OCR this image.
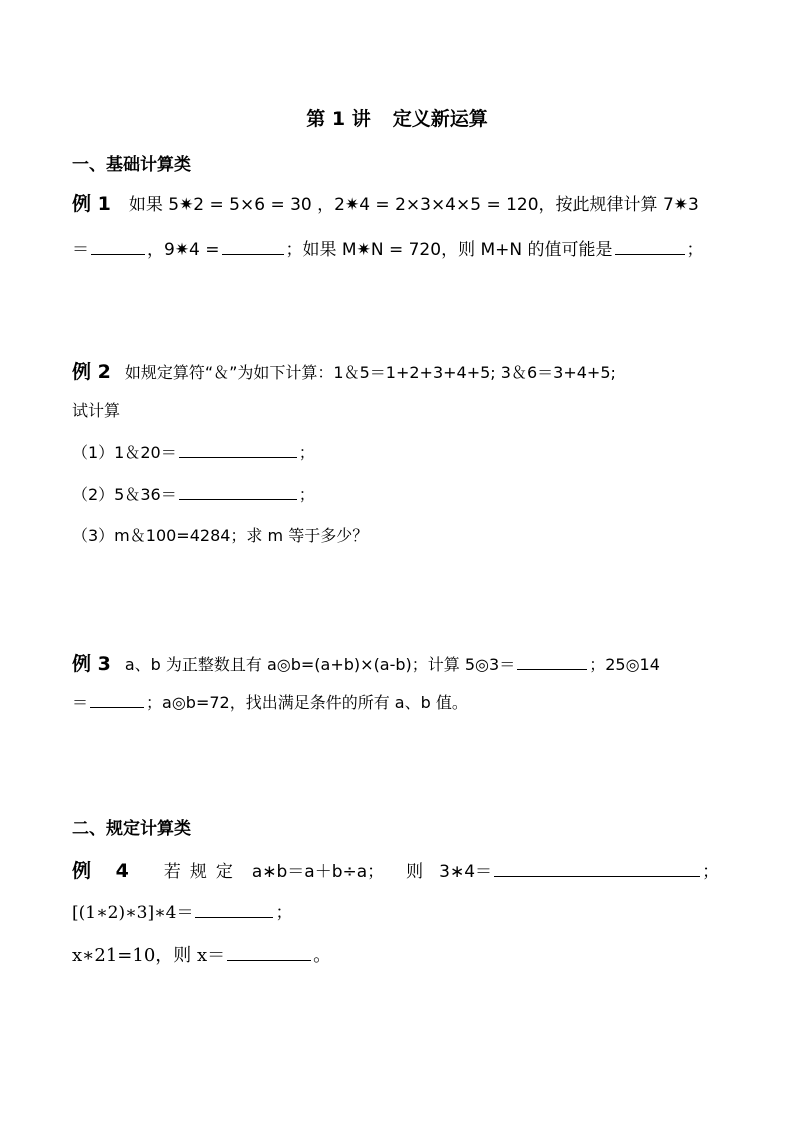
第 1 讲 定义新运算
一、基础计算类
例 1 如果 5✷2 = 5×6 = 30 ，2✷4 = 2×3×4×5 = 120，按此规律计算 7✷3
＝	，9✷4 =	；如果 M✷N = 720，则 M+N 的值可能是	；
例 2 如规定算符“＆”为如下计算：1＆5＝1+2+3+4+5; 3＆6＝3+4+5;
试计算
（1）1＆20＝	；
（2）5＆36＝	；
（3）m＆100=4284；求 m 等于多少？
例 3 a、b 为正整数且有 a◎b=(a+b)×(a-b)；计算 5◎3＝	；25◎14
＝	；a◎b=72，找出满足条件的所有 a、b 值。
二、规定计算类
例 4 若规定 a∗b＝a＋b÷a； 则 3∗4＝	；
[(1∗2)∗3]∗4＝	；
x∗21=10，则 x＝	。
